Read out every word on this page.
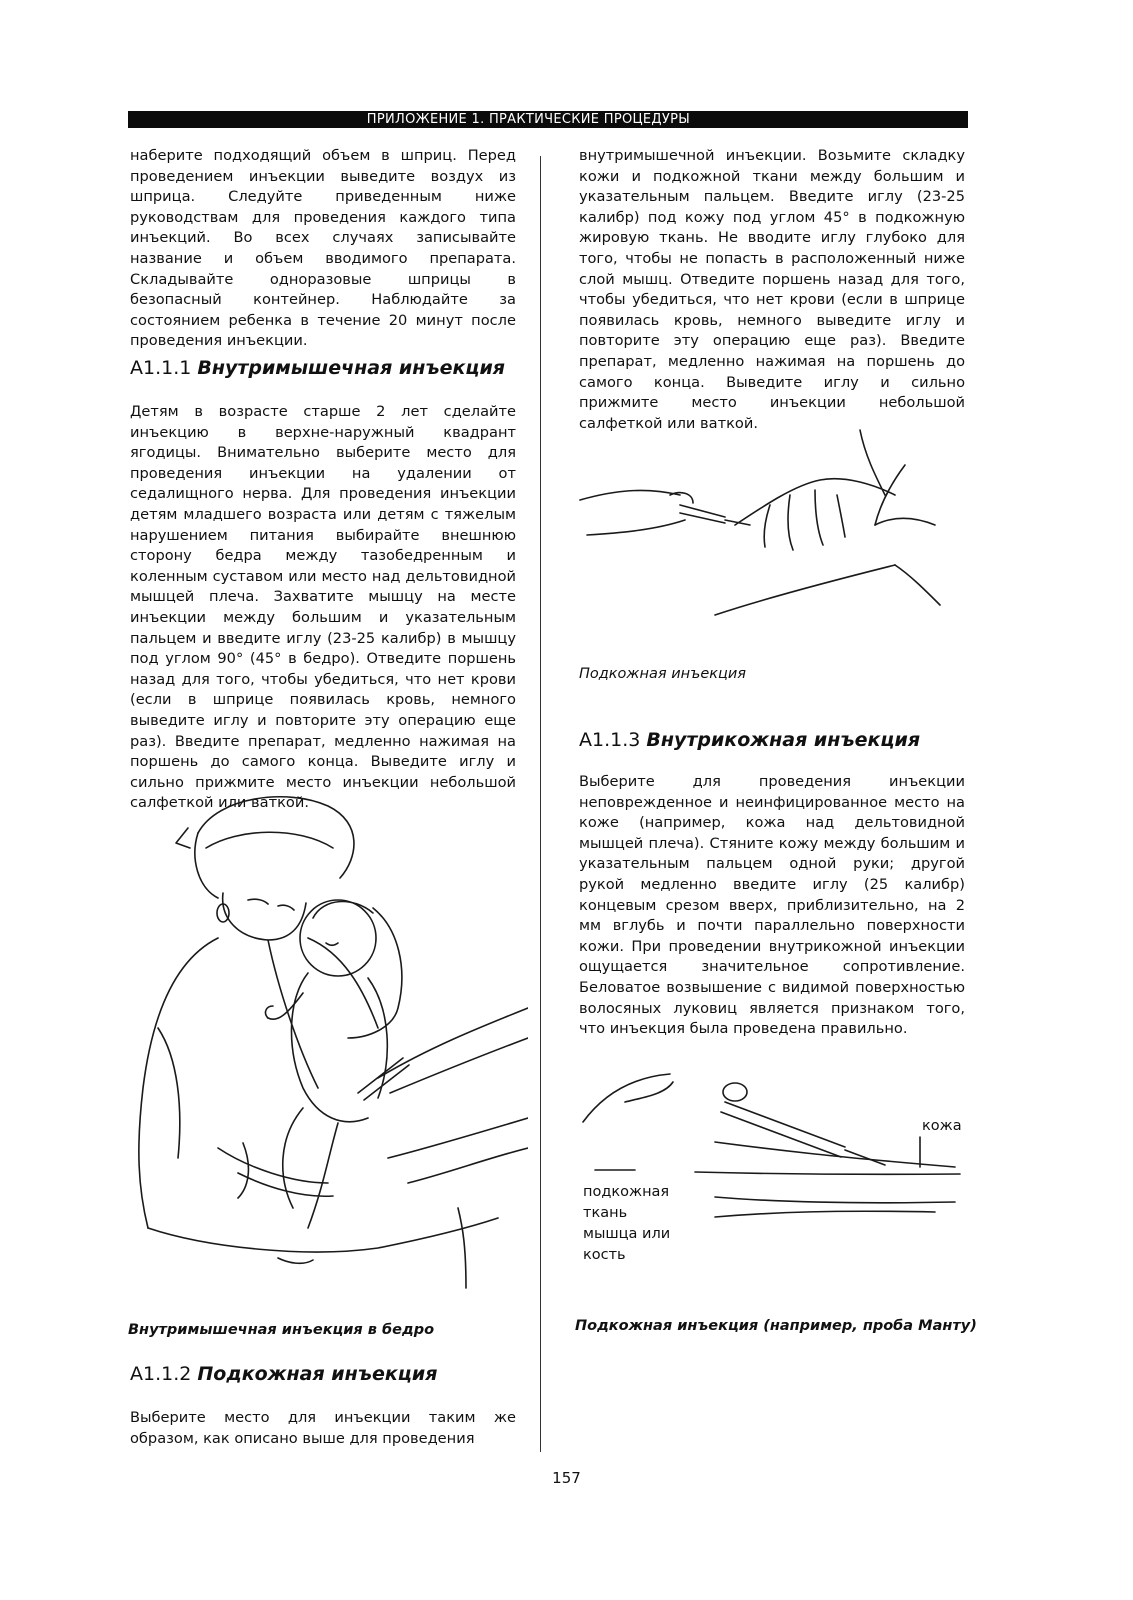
ПРИЛОЖЕНИЕ 1. ПРАКТИЧЕСКИЕ ПРОЦЕДУРЫ
наберите подходящий объем в шприц. Перед проведением инъекции выведите воздух из шприца. Следуйте приведенным ниже руководствам для проведения каждого типа инъекций. Во всех случаях записывайте название и объем вводимого препарата. Складывайте одноразовые шприцы в безопасный контейнер. Наблюдайте за состоянием ребенка в течение 20 минут после проведения инъекции.
А1.1.1 Внутримышечная инъекция
Детям в возрасте старше 2 лет сделайте инъекцию в верхне-наружный квадрант ягодицы. Внимательно выберите место для проведения инъекции на удалении от седалищного нерва. Для проведения инъекции детям младшего возраста или детям с тяжелым нарушением питания выбирайте внешнюю сторону бедра между тазобедренным и коленным суставом или место над дельтовидной мышцей плеча. Захватите мышцу на месте инъекции между большим и указательным пальцем и введите иглу (23-25 калибр) в мышцу под углом 90° (45° в бедро). Отведите поршень назад для того, чтобы убедиться, что нет крови (если в шприце появилась кровь, немного выведите иглу и повторите эту операцию еще раз). Введите препарат, медленно нажимая на поршень до самого конца. Выведите иглу и сильно прижмите место инъекции небольшой салфеткой или ваткой.
Внутримышечная инъекция в бедро
А1.1.2 Подкожная инъекция
Выберите место для инъекции таким же образом, как описано выше для проведения
внутримышечной инъекции. Возьмите складку кожи и подкожной ткани между большим и указательным пальцем. Введите иглу (23-25 калибр) под кожу под углом 45° в подкожную жировую ткань. Не вводите иглу глубоко для того, чтобы не попасть в расположенный ниже слой мышц. Отведите поршень назад для того, чтобы убедиться, что нет крови (если в шприце появилась кровь, немного выведите иглу и повторите эту операцию еще раз). Введите препарат, медленно нажимая на поршень до самого конца. Выведите иглу и сильно прижмите место инъекции небольшой салфеткой или ваткой.
Подкожная инъекция
А1.1.3 Внутрикожная инъекция
Выберите для проведения инъекции неповрежденное и неинфицированное место на коже (например, кожа над дельтовидной мышцей плеча). Стяните кожу между большим и указательным пальцем одной руки; другой рукой медленно введите иглу (25 калибр) концевым срезом вверх, приблизительно, на 2 мм вглубь и почти параллельно поверхности кожи. При проведении внутрикожной инъекции ощущается значительное сопротивление. Беловатое возвышение с видимой поверхностью волосяных луковиц является признаком того, что инъекция была проведена правильно.
кожа
подкожная ткань
мышца или кость
Подкожная инъекция (например, проба Манту)
157
